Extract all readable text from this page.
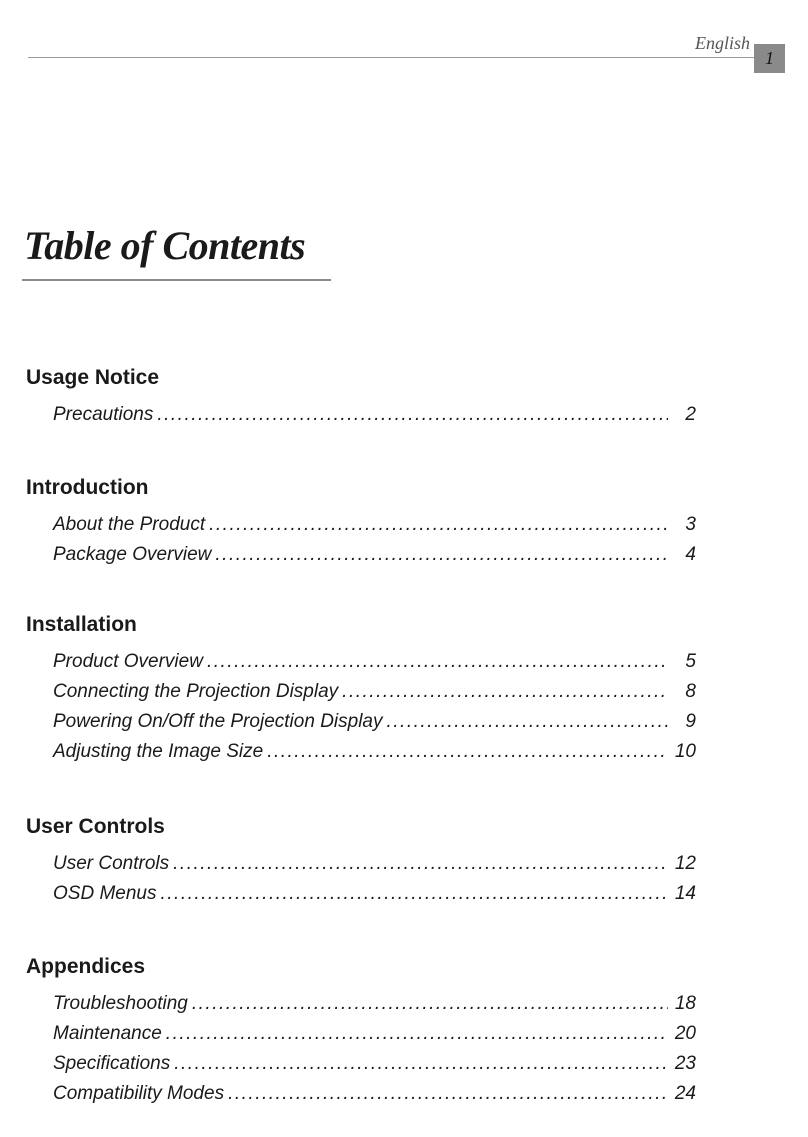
English
1
Table of Contents
Usage Notice
Precautions .....	2
Introduction
About the Product .....	3
Package Overview .....	4
Installation
Product Overview .....	5
Connecting the Projection Display .....	8
Powering On/Off the Projection Display .....	9
Adjusting the Image Size .....	10
User Controls
User Controls .....	12
OSD Menus .....	14
Appendices
Troubleshooting .....	18
Maintenance .....	20
Specifications .....	23
Compatibility Modes .....	24
